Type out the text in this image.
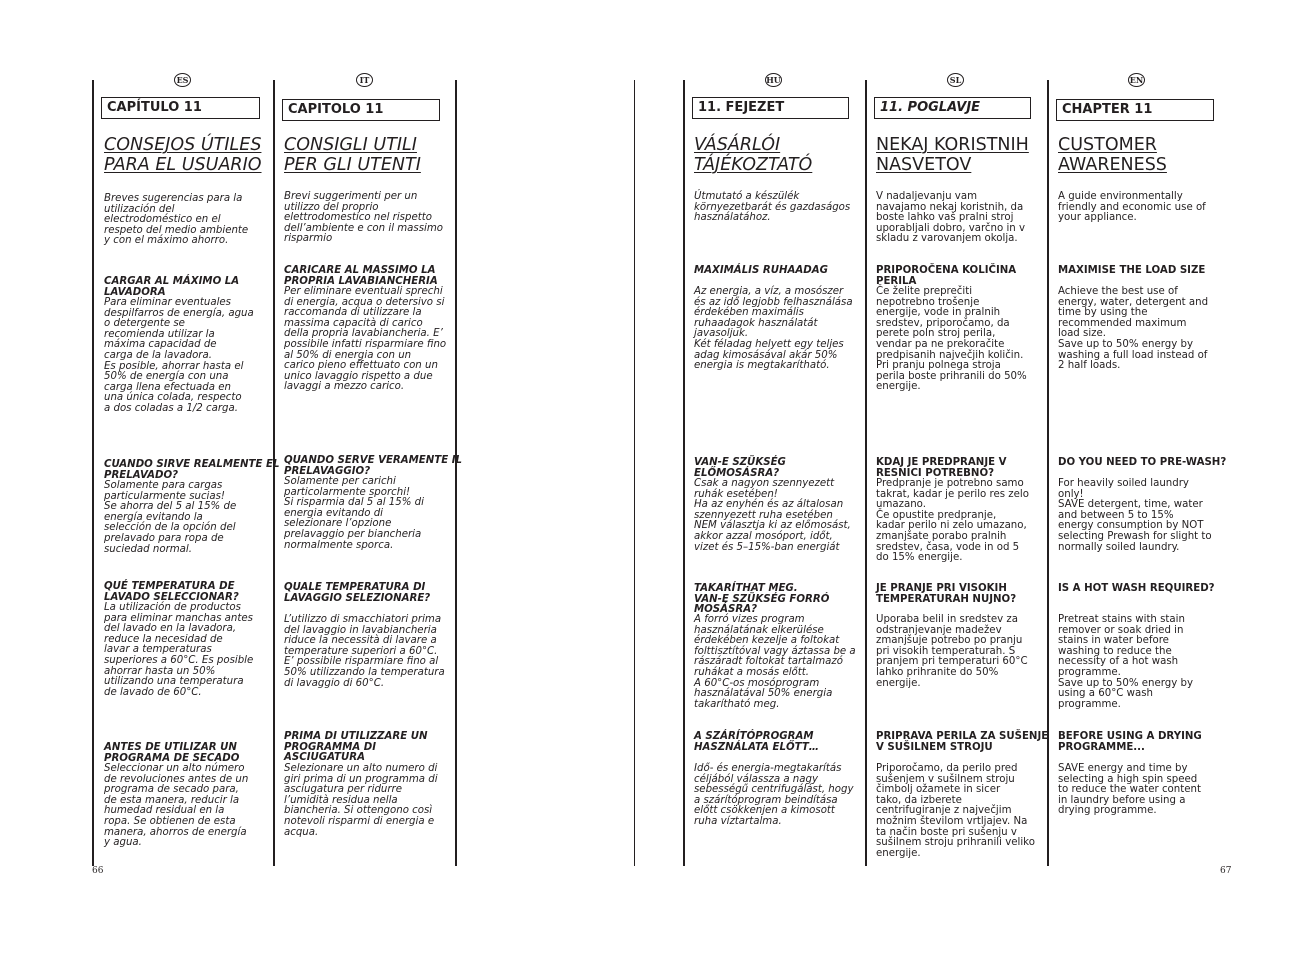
ES
CAPÍTULO 11
CONSEJOS ÚTILES
PARA EL USUARIO
Breves sugerencias para la
utilización del
electrodoméstico en el
respeto del medio ambiente
y con el máximo ahorro.
CARGAR AL MÁXIMO LA
LAVADORA
Para eliminar eventuales
despilfarros de energía, agua
o detergente se
recomienda utilizar la
máxima capacidad de
carga de la lavadora.
Es posible, ahorrar hasta el
50% de energía con una
carga llena efectuada en
una única colada, respecto
a dos coladas a 1/2 carga.
CUANDO SIRVE REALMENTE EL
PRELAVADO?
Solamente para cargas
particularmente sucias!
Se ahorra del 5 al 15% de
energía evitando la
selección de la opción del
prelavado para ropa de
suciedad normal.
QUÉ TEMPERATURA DE
LAVADO SELECCIONAR?
La utilización de productos
para eliminar manchas antes
del lavado en la lavadora,
reduce la necesidad de
lavar a temperaturas
superiores a 60°C. Es posible
ahorrar hasta un 50%
utilizando una temperatura
de lavado de 60°C.
ANTES DE UTILIZAR UN
PROGRAMA DE SECADO
Seleccionar un alto número
de revoluciones antes de un
programa de secado para,
de esta manera, reducir la
humedad residual en la
ropa. Se obtienen de esta
manera, ahorros de energía
y agua.
IT
CAPITOLO 11
CONSIGLI UTILI
PER GLI UTENTI
Brevi suggerimenti per un
utilizzo del proprio
elettrodomestico nel rispetto
dell’ambiente e con il massimo
risparmio
CARICARE AL MASSIMO LA
PROPRIA LAVABIANCHERIA
Per eliminare eventuali sprechi
di energia, acqua o detersivo si
raccomanda di utilizzare la
massima capacità di carico
della propria lavabiancheria. E’
possibile infatti risparmiare fino
al 50% di energia con un
carico pieno effettuato con un
unico lavaggio rispetto a due
lavaggi a mezzo carico.
QUANDO SERVE VERAMENTE IL
PRELAVAGGIO?
Solamente per carichi
particolarmente sporchi!
Si risparmia dal 5 al 15% di
energia evitando di
selezionare l’opzione
prelavaggio per biancheria
normalmente sporca.
QUALE TEMPERATURA DI
LAVAGGIO SELEZIONARE?
L’utilizzo di smacchiatori prima
del lavaggio in lavabiancheria
riduce la necessità di lavare a
temperature superiori a 60°C.
E’ possibile risparmiare fino al
50% utilizzando la temperatura
di lavaggio di 60°C.
PRIMA DI UTILIZZARE UN
PROGRAMMA DI
ASCIUGATURA
Selezionare un alto numero di
giri prima di un programma di
asciugatura per ridurre
l’umidità residua nella
biancheria. Si ottengono così
notevoli risparmi di energia e
acqua.
66
HU
11. FEJEZET
VÁSÁRLÓI
TÁJÉKOZTATÓ
Útmutató a készülék
környezetbarát és gazdaságos
használatához.
MAXIMÁLIS RUHAADAG
Az energia, a víz, a mosószer
és az idő legjobb felhasználása
érdekében maximális
ruhaadagok használatát
javasoljuk.
Két féladag helyett egy teljes
adag kimosásával akár 50%
energia is megtakarítható.
VAN-E SZÜKSÉG
ELŐMOSÁSRA?
Csak a nagyon szennyezett
ruhák esetében!
Ha az enyhén és az általosan
szennyezett ruha esetében
NEM választja ki az előmosást,
akkor azzal mosóport, időt,
vizet és 5–15%-ban energiát
TAKARÍTHAT MEG.
VAN-E SZÜKSÉG FORRÓ
MOSÁSRA?
A forró vizes program
használatának elkerülése
érdekében kezelje a foltokat
folttisztítóval vagy áztassa be a
rászáradt foltokat tartalmazó
ruhákat a mosás előtt.
A 60°C-os mosóprogram
használatával 50% energia
takarítható meg.
A SZÁRÍTÓPROGRAM
HASZNÁLATA ELŐTT…
Idő- és energia-megtakarítás
céljából válassza a nagy
sebességű centrifugálást, hogy
a szárítóprogram beindítása
előtt csökkenjen a kimosott
ruha víztartalma.
SL
11. POGLAVJE
NEKAJ KORISTNIH
NASVETOV
V nadaljevanju vam
navajamo nekaj koristnih, da
boste lahko vaš pralni stroj
uporabljali dobro, varčno in v
skladu z varovanjem okolja.
PRIPOROČENA KOLIČINA
PERILA
Če želite preprečiti
nepotrebno trošenje
energije, vode in pralnih
sredstev, priporočamo, da
perete poln stroj perila,
vendar pa ne prekoračite
predpisanih največjih količin.
Pri pranju polnega stroja
perila boste prihranili do 50%
energije.
KDAJ JE PREDPRANJE V
RESNICI POTREBNO?
Predpranje je potrebno samo
takrat, kadar je perilo res zelo
umazano.
Če opustite predpranje,
kadar perilo ni zelo umazano,
zmanjšate porabo pralnih
sredstev, časa, vode in od 5
do 15% energije.
JE PRANJE PRI VISOKIH
TEMPERATURAH NUJNO?
Uporaba belil in sredstev za
odstranjevanje madežev
zmanjšuje potrebo po pranju
pri visokih temperaturah. S
pranjem pri temperaturi 60°C
lahko prihranite do 50%
energije.
PRIPRAVA PERILA ZA SUŠENJE
V SUŠILNEM STROJU
Priporočamo, da perilo pred
sušenjem v sušilnem stroju
čimbolj ožamete in sicer
tako, da izberete
centrifugiranje z največjim
možnim številom vrtljajev. Na
ta način boste pri sušenju v
sušilnem stroju prihranili veliko
energije.
EN
CHAPTER 11
CUSTOMER
AWARENESS
A guide environmentally
friendly and economic use of
your appliance.
MAXIMISE THE LOAD SIZE
Achieve the best use of
energy, water, detergent and
time by using the
recommended maximum
load size.
Save up to 50% energy by
washing a full load instead of
2 half loads.
DO YOU NEED TO PRE-WASH?
For heavily soiled laundry
only!
SAVE detergent, time, water
and between 5 to 15%
energy consumption by NOT
selecting Prewash for slight to
normally soiled laundry.
IS A HOT WASH REQUIRED?
Pretreat stains with stain
remover or soak dried in
stains in water before
washing to reduce the
necessity of a hot wash
programme.
Save up to 50% energy by
using a 60°C wash
programme.
BEFORE USING A DRYING
PROGRAMME...
SAVE energy and time by
selecting a high spin speed
to reduce the water content
in laundry before using a
drying programme.
67
